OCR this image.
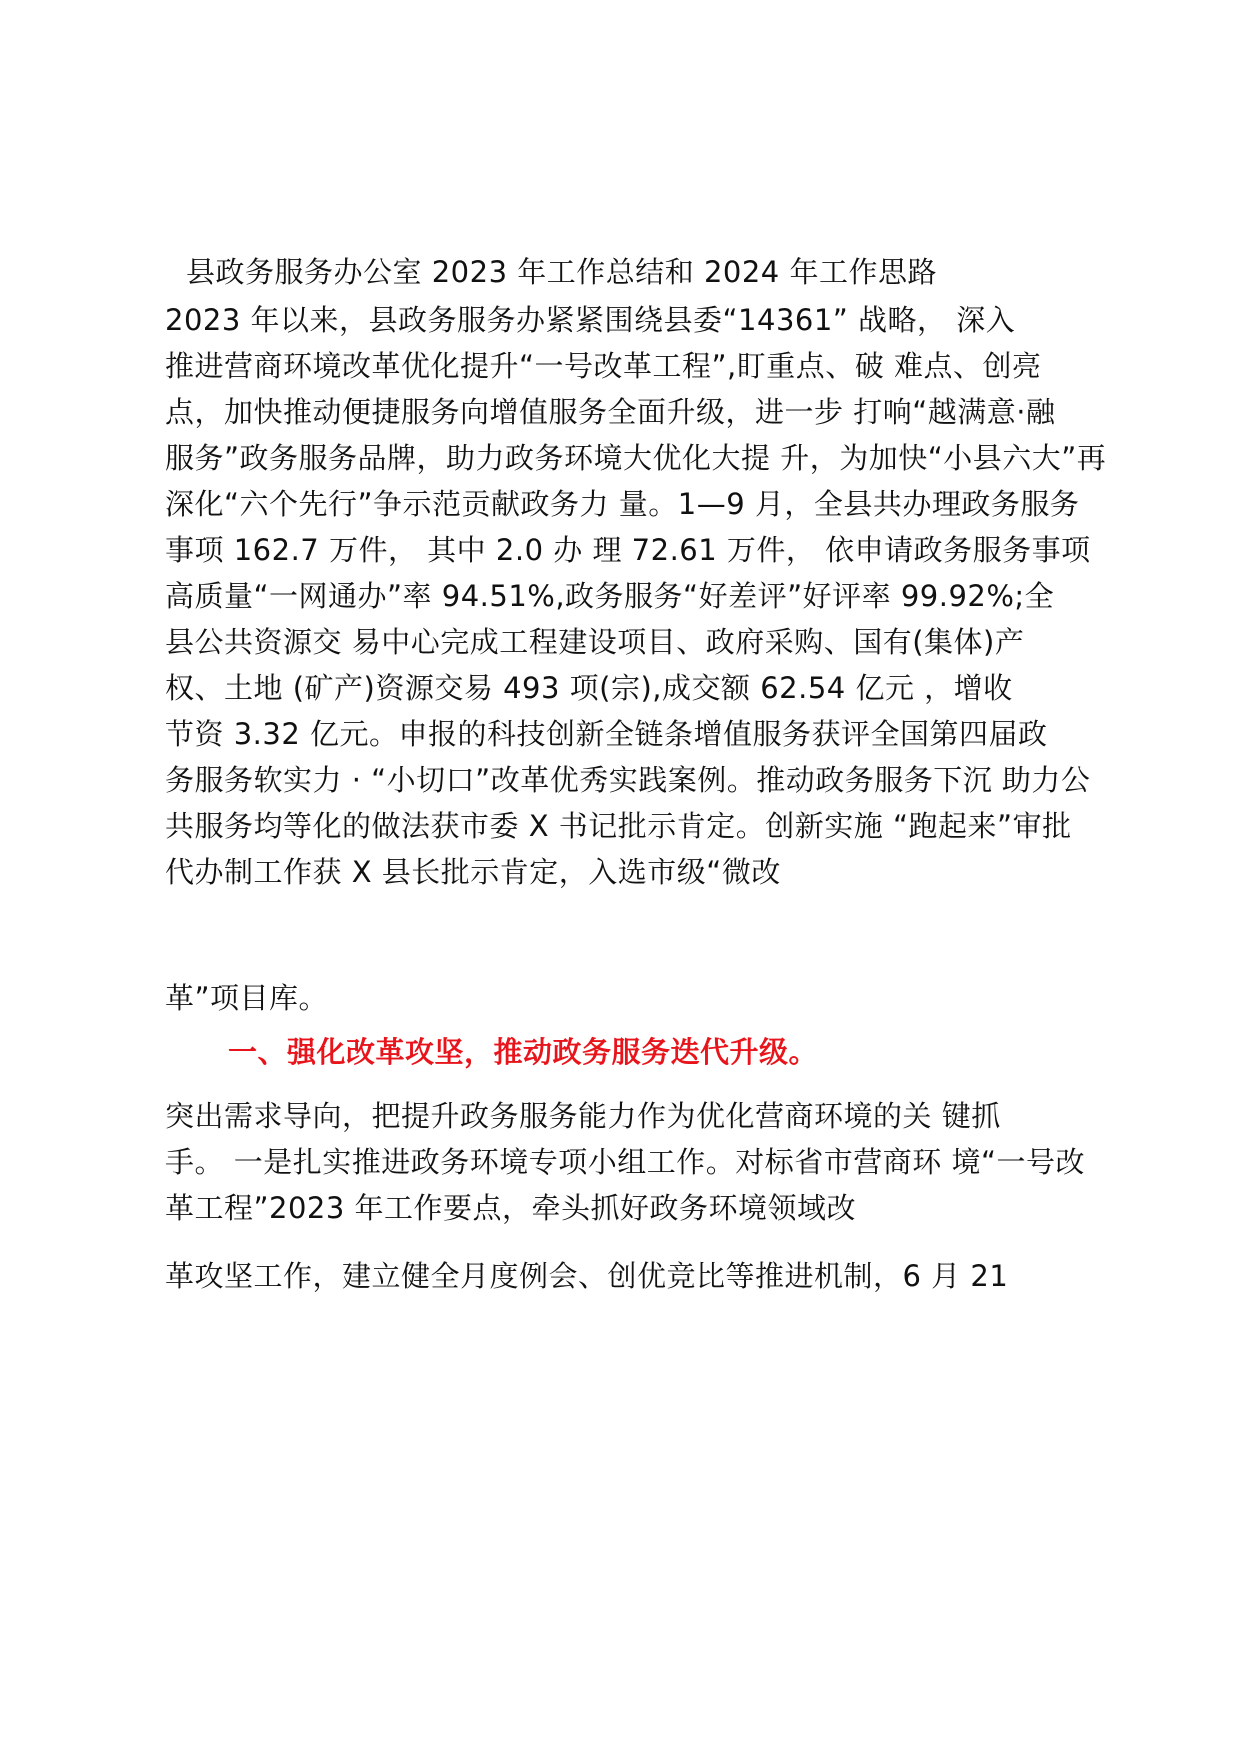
县政务服务办公室 2023 年工作总结和 2024 年工作思路
2023 年以来，县政务服务办紧紧围绕县委“14361” 战略， 深入
推进营商环境改革优化提升“一号改革工程”,盯重点、破 难点、创亮
点，加快推动便捷服务向增值服务全面升级，进一步 打响“越满意·融
服务”政务服务品牌，助力政务环境大优化大提 升，为加快“小县六大”再
深化“六个先行”争示范贡献政务力 量。1—9 月，全县共办理政务服务
事项 162.7 万件， 其中 2.0 办 理 72.61 万件， 依申请政务服务事项
高质量“一网通办”率 94.51%,政务服务“好差评”好评率 99.92%;全
县公共资源交 易中心完成工程建设项目、政府采购、国有(集体)产
权、土地 (矿产)资源交易 493 项(宗),成交额 62.54 亿元 ，增收
节资 3.32 亿元。申报的科技创新全链条增值服务获评全国第四届政
务服务软实力 · “小切口”改革优秀实践案例。推动政务服务下沉 助力公
共服务均等化的做法获市委 X 书记批示肯定。创新实施 “跑起来”审批
代办制工作获 X 县长批示肯定，入选市级“微改
革”项目库。
一、强化改革攻坚，推动政务服务迭代升级。
突出需求导向，把提升政务服务能力作为优化营商环境的关 键抓
手。 一是扎实推进政务环境专项小组工作。对标省市营商环 境“一号改
革工程”2023 年工作要点，牵头抓好政务环境领域改
革攻坚工作，建立健全月度例会、创优竞比等推进机制，6 月 21
